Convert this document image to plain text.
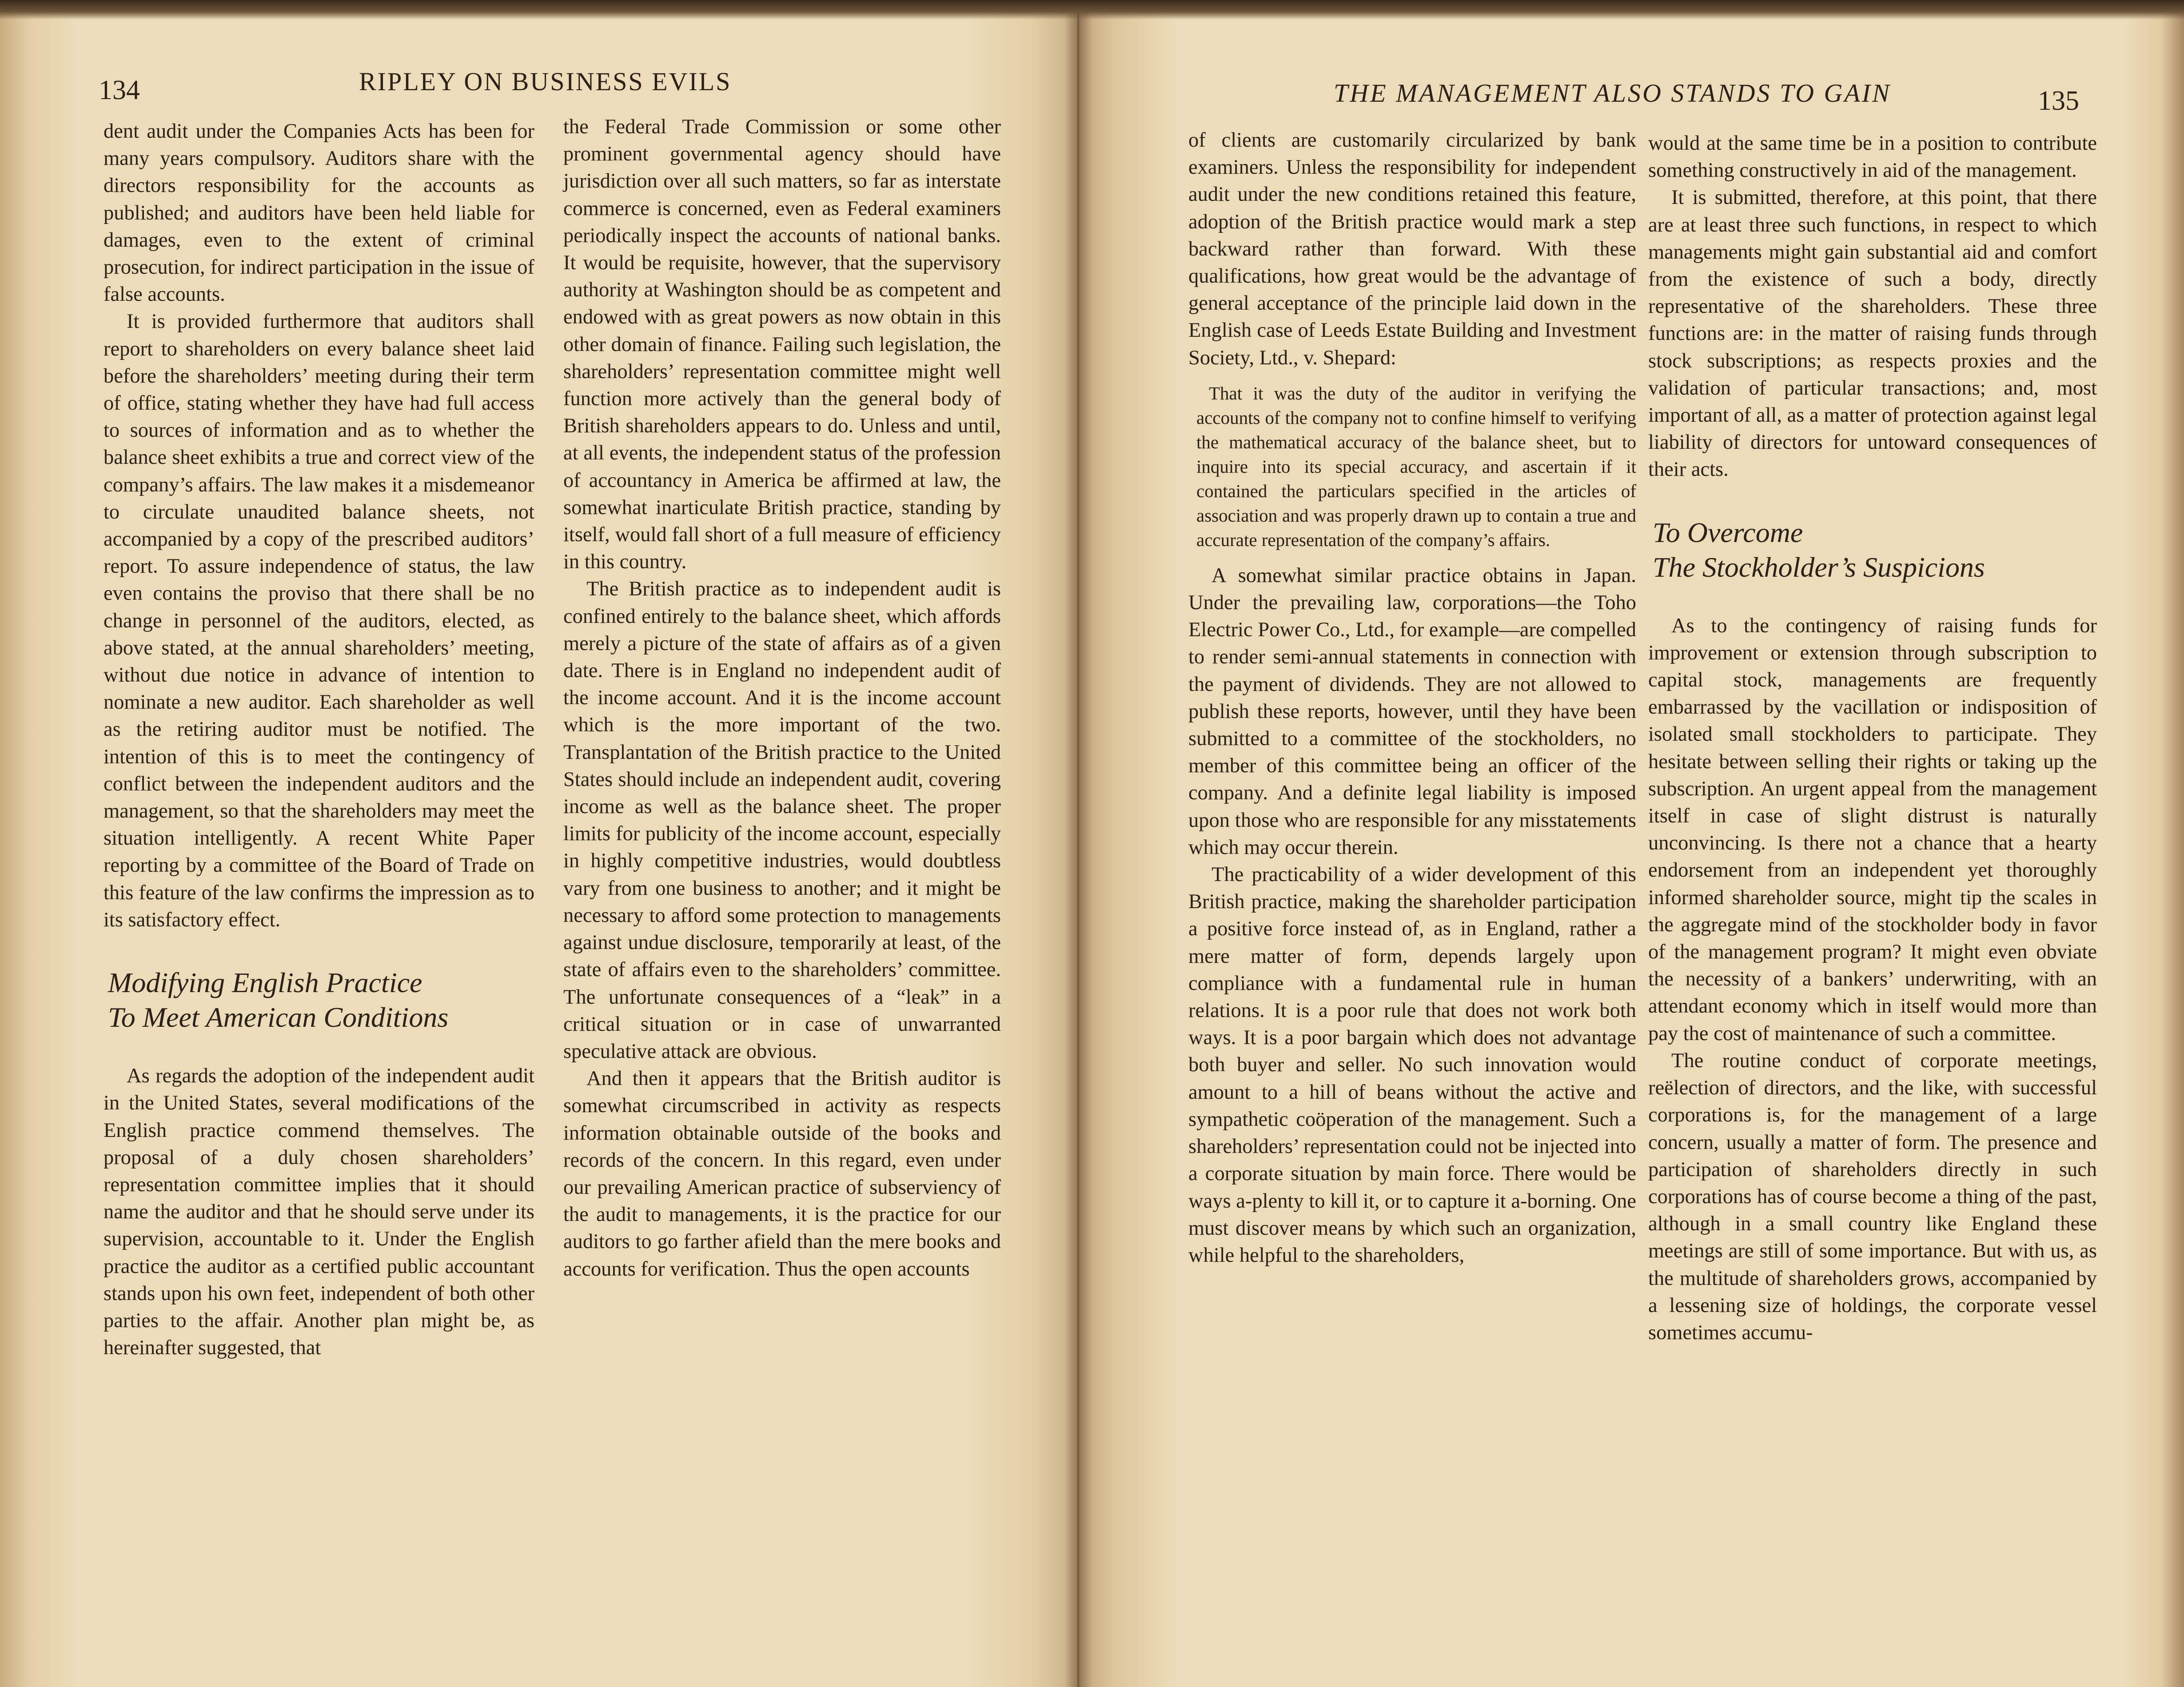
134	RIPLEY ON BUSINESS EVILS

dent audit under the Companies Acts has been for many years compulsory. Auditors share with the directors responsibility for the accounts as published; and auditors have been held liable for damages, even to the extent of criminal prosecution, for indirect participation in the issue of false accounts.

It is provided furthermore that auditors shall report to shareholders on every balance sheet laid before the shareholders’ meeting during their term of office, stating whether they have had full access to sources of information and as to whether the balance sheet exhibits a true and correct view of the company’s affairs. The law makes it a misdemeanor to circulate unaudited balance sheets, not accompanied by a copy of the prescribed auditors’ report. To assure independence of status, the law even contains the proviso that there shall be no change in personnel of the auditors, elected, as above stated, at the annual shareholders’ meeting, without due notice in advance of intention to nominate a new auditor. Each shareholder as well as the retiring auditor must be notified. The intention of this is to meet the contingency of conflict between the independent auditors and the management, so that the shareholders may meet the situation intelligently. A recent White Paper reporting by a committee of the Board of Trade on this feature of the law confirms the impression as to its satisfactory effect.

Modifying English Practice
To Meet American Conditions

As regards the adoption of the independent audit in the United States, several modifications of the English practice commend themselves. The proposal of a duly chosen shareholders’ representation committee implies that it should name the auditor and that he should serve under its supervision, accountable to it. Under the English practice the auditor as a certified public accountant stands upon his own feet, independent of both other parties to the affair. Another plan might be, as hereinafter suggested, that

the Federal Trade Commission or some other prominent governmental agency should have jurisdiction over all such matters, so far as interstate commerce is concerned, even as Federal examiners periodically inspect the accounts of national banks. It would be requisite, however, that the supervisory authority at Washington should be as competent and endowed with as great powers as now obtain in this other domain of finance. Failing such legislation, the shareholders’ representation committee might well function more actively than the general body of British shareholders appears to do. Unless and until, at all events, the independent status of the profession of accountancy in America be affirmed at law, the somewhat inarticulate British practice, standing by itself, would fall short of a full measure of efficiency in this country.

The British practice as to independent audit is confined entirely to the balance sheet, which affords merely a picture of the state of affairs as of a given date. There is in England no independent audit of the income account. And it is the income account which is the more important of the two. Transplantation of the British practice to the United States should include an independent audit, covering income as well as the balance sheet. The proper limits for publicity of the income account, especially in highly competitive industries, would doubtless vary from one business to another; and it might be necessary to afford some protection to managements against undue disclosure, temporarily at least, of the state of affairs even to the shareholders’ committee. The unfortunate consequences of a “leak” in a critical situation or in case of unwarranted speculative attack are obvious.

And then it appears that the British auditor is somewhat circumscribed in activity as respects information obtainable outside of the books and records of the concern. In this regard, even under our prevailing American practice of subserviency of the audit to managements, it is the practice for our auditors to go farther afield than the mere books and accounts for verification. Thus the open accounts

THE MANAGEMENT ALSO STANDS TO GAIN	135

of clients are customarily circularized by bank examiners. Unless the responsibility for independent audit under the new conditions retained this feature, adoption of the British practice would mark a step backward rather than forward. With these qualifications, how great would be the advantage of general acceptance of the principle laid down in the English case of Leeds Estate Building and Investment Society, Ltd., v. Shepard:

That it was the duty of the auditor in verifying the accounts of the company not to confine himself to verifying the mathematical accuracy of the balance sheet, but to inquire into its special accuracy, and ascertain if it contained the particulars specified in the articles of association and was properly drawn up to contain a true and accurate representation of the company’s affairs.

A somewhat similar practice obtains in Japan. Under the prevailing law, corporations—the Toho Electric Power Co., Ltd., for example—are compelled to render semi-annual statements in connection with the payment of dividends. They are not allowed to publish these reports, however, until they have been submitted to a committee of the stockholders, no member of this committee being an officer of the company. And a definite legal liability is imposed upon those who are responsible for any misstatements which may occur therein.

The practicability of a wider development of this British practice, making the shareholder participation a positive force instead of, as in England, rather a mere matter of form, depends largely upon compliance with a fundamental rule in human relations. It is a poor rule that does not work both ways. It is a poor bargain which does not advantage both buyer and seller. No such innovation would amount to a hill of beans without the active and sympathetic coöperation of the management. Such a shareholders’ representation could not be injected into a corporate situation by main force. There would be ways a-plenty to kill it, or to capture it a-borning. One must discover means by which such an organization, while helpful to the shareholders,

would at the same time be in a position to contribute something constructively in aid of the management.

It is submitted, therefore, at this point, that there are at least three such functions, in respect to which managements might gain substantial aid and comfort from the existence of such a body, directly representative of the shareholders. These three functions are: in the matter of raising funds through stock subscriptions; as respects proxies and the validation of particular transactions; and, most important of all, as a matter of protection against legal liability of directors for untoward consequences of their acts.

To Overcome
The Stockholder’s Suspicions

As to the contingency of raising funds for improvement or extension through subscription to capital stock, managements are frequently embarrassed by the vacillation or indisposition of isolated small stockholders to participate. They hesitate between selling their rights or taking up the subscription. An urgent appeal from the management itself in case of slight distrust is naturally unconvincing. Is there not a chance that a hearty endorsement from an independent yet thoroughly informed shareholder source, might tip the scales in the aggregate mind of the stockholder body in favor of the management program? It might even obviate the necessity of a bankers’ underwriting, with an attendant economy which in itself would more than pay the cost of maintenance of such a committee.

The routine conduct of corporate meetings, reëlection of directors, and the like, with successful corporations is, for the management of a large concern, usually a matter of form. The presence and participation of shareholders directly in such corporations has of course become a thing of the past, although in a small country like England these meetings are still of some importance. But with us, as the multitude of shareholders grows, accompanied by a lessening size of holdings, the corporate vessel sometimes accumu-
